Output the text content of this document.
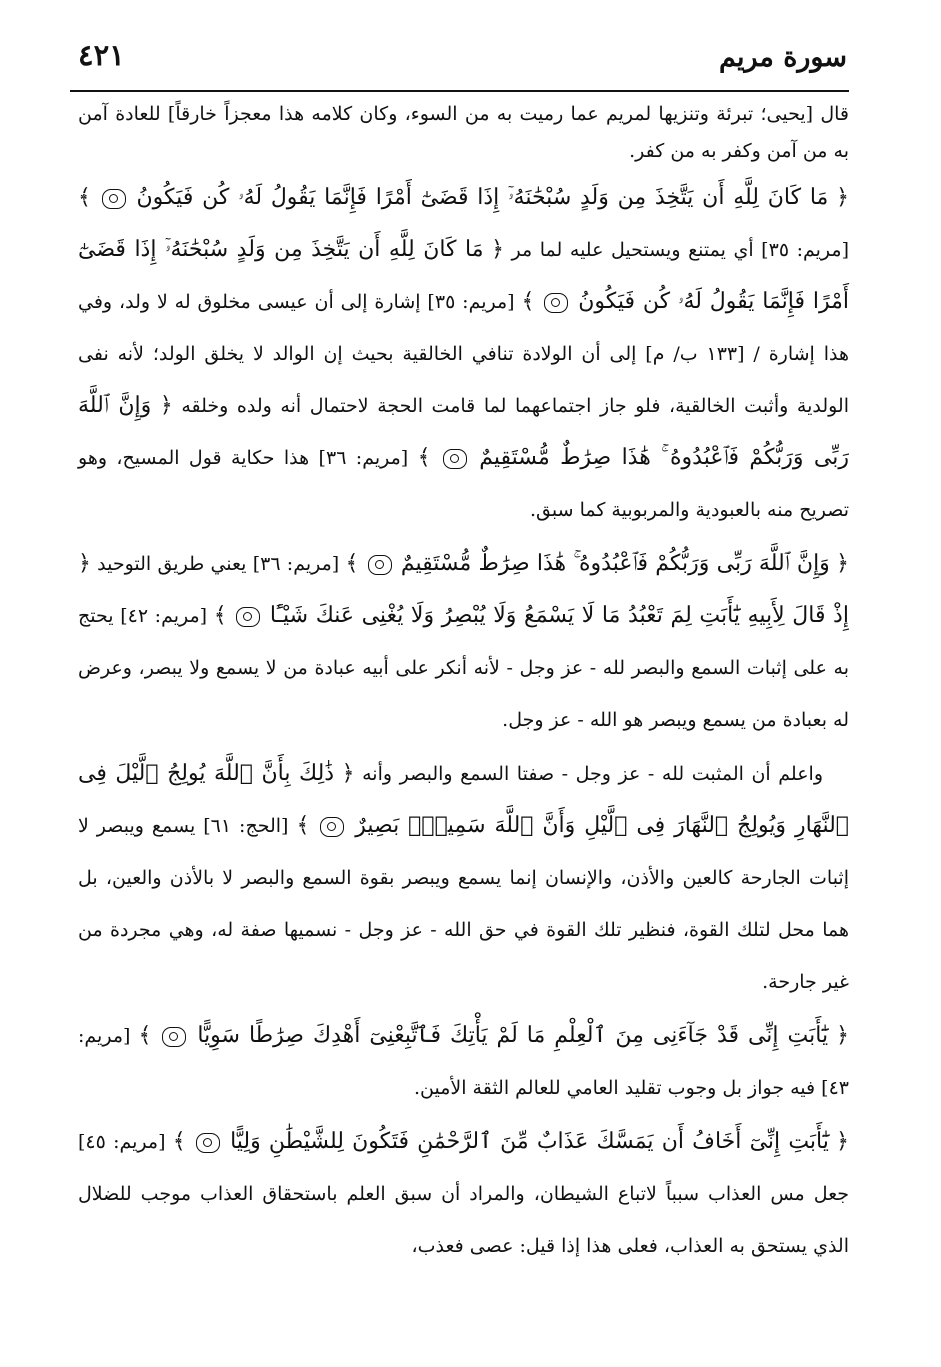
٤٢١	سورة مريم

قال [يحيى؛ تبرئة وتنزيها لمريم عما رميت به من السوء، وكان كلامه هذا معجزاً خارقاً] للعادة آمن به من آمن وكفر به من كفر.

﴿ مَا كَانَ لِلَّهِ أَن يَتَّخِذَ مِن وَلَدٍ سُبْحَٰنَهُۥٓ إِذَا قَضَىٰٓ أَمْرًا فَإِنَّمَا يَقُولُ لَهُۥ كُن فَيَكُونُ  ﴾ [مريم: ٣٥] أي يمتنع ويستحيل عليه لما مر ﴿ مَا كَانَ لِلَّهِ أَن يَتَّخِذَ مِن وَلَدٍ سُبْحَٰنَهُۥٓ إِذَا قَضَىٰٓ أَمْرًا فَإِنَّمَا يَقُولُ لَهُۥ كُن فَيَكُونُ  ﴾ [مريم: ٣٥] إشارة إلى أن عيسى مخلوق له لا ولد، وفي هذا إشارة / [١٣٣ ب/ م] إلى أن الولادة تنافي الخالقية بحيث إن الوالد لا يخلق الولد؛ لأنه نفى الولدية وأثبت الخالقية، فلو جاز اجتماعهما لما قامت الحجة لاحتمال أنه ولده وخلقه ﴿ وَإِنَّ ٱللَّهَ رَبِّى وَرَبُّكُمْ فَٱعْبُدُوهُ ۚ هَٰذَا صِرَٰطٌ مُّسْتَقِيمٌ  ﴾ [مريم: ٣٦] هذا حكاية قول المسيح، وهو تصريح منه بالعبودية والمربوبية كما سبق.

﴿ وَإِنَّ ٱللَّهَ رَبِّى وَرَبُّكُمْ فَٱعْبُدُوهُ ۚ هَٰذَا صِرَٰطٌ مُّسْتَقِيمٌ  ﴾ [مريم: ٣٦] يعني طريق التوحيد ﴿ إِذْ قَالَ لِأَبِيهِ يَٰٓأَبَتِ لِمَ تَعْبُدُ مَا لَا يَسْمَعُ وَلَا يُبْصِرُ وَلَا يُغْنِى عَنكَ شَيْـًٔا  ﴾ [مريم: ٤٢] يحتج به على إثبات السمع والبصر لله - عز وجل - لأنه أنكر على أبيه عبادة من لا يسمع ولا يبصر، وعرض له بعبادة من يسمع ويبصر هو الله - عز وجل.

واعلم أن المثبت لله - عز وجل - صفتا السمع والبصر وأنه ﴿ ذَٰلِكَ بِأَنَّ ٱللَّهَ يُولِجُ ٱلَّيْلَ فِى ٱلنَّهَارِ وَيُولِجُ ٱلنَّهَارَ فِى ٱلَّيْلِ وَأَنَّ ٱللَّهَ سَمِيعٌۢ بَصِيرٌ  ﴾ [الحج: ٦١] يسمع ويبصر لا إثبات الجارحة كالعين والأذن، والإنسان إنما يسمع ويبصر بقوة السمع والبصر لا بالأذن والعين، بل هما محل لتلك القوة، فنظير تلك القوة في حق الله - عز وجل - نسميها صفة له، وهي مجردة من غير جارحة.

﴿ يَٰٓأَبَتِ إِنِّى قَدْ جَآءَنِى مِنَ ٱلْعِلْمِ مَا لَمْ يَأْتِكَ فَٱتَّبِعْنِىٓ أَهْدِكَ صِرَٰطًا سَوِيًّا  ﴾ [مريم: ٤٣] فيه جواز بل وجوب تقليد العامي للعالم الثقة الأمين.

﴿ يَٰٓأَبَتِ إِنِّىٓ أَخَافُ أَن يَمَسَّكَ عَذَابٌ مِّنَ ٱلرَّحْمَٰنِ فَتَكُونَ لِلشَّيْطَٰنِ وَلِيًّا  ﴾ [مريم: ٤٥] جعل مس العذاب سبباً لاتباع الشيطان، والمراد أن سبق العلم باستحقاق العذاب موجب للضلال الذي يستحق به العذاب، فعلى هذا إذا قيل: عصى فعذب،
